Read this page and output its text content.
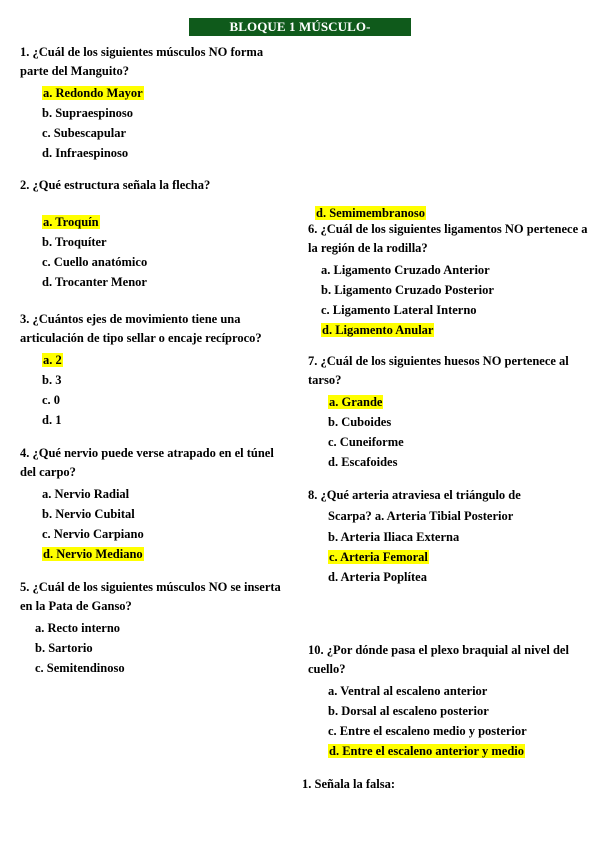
BLOQUE 1 MÚSCULO-ESQUELÉTICO

1. ¿Cuál de los siguientes músculos NO forma parte del Manguito?

a. Redondo Mayor
b. Supraespinoso
c. Subescapular
d. Infraespinoso

2. ¿Qué estructura señala la flecha?

a. Troquín
b. Troquíter
c. Cuello anatómico
d. Trocanter Menor

3. ¿Cuántos ejes de movimiento tiene una articulación de tipo sellar o encaje recíproco?

a. 2
b. 3
c. 0
d. 1

4. ¿Qué nervio puede verse atrapado en el túnel del carpo?

a. Nervio Radial
b. Nervio Cubital
c. Nervio Carpiano
d. Nervio Mediano

5. ¿Cuál de los siguientes músculos NO se inserta en la Pata de Ganso?

a. Recto interno
b. Sartorio
c. Semitendinoso
d. Semimembranoso

6. ¿Cuál de los siguientes ligamentos NO pertenece a la región de la rodilla?

a. Ligamento Cruzado Anterior
b. Ligamento Cruzado Posterior
c. Ligamento Lateral Interno
d. Ligamento Anular

7. ¿Cuál de los siguientes huesos NO pertenece al tarso?

a. Grande
b. Cuboides
c. Cuneiforme
d. Escafoides

8. ¿Qué arteria atraviesa el triángulo de

Scarpa? a. Arteria Tibial Posterior

b. Arteria Iliaca Externa
c. Arteria Femoral
d. Arteria Poplítea

10. ¿Por dónde pasa el plexo braquial al nivel del cuello?

a. Ventral al escaleno anterior
b. Dorsal al escaleno posterior
c. Entre el escaleno medio y posterior
d. Entre el escaleno anterior y medio

1. Señala la falsa:
